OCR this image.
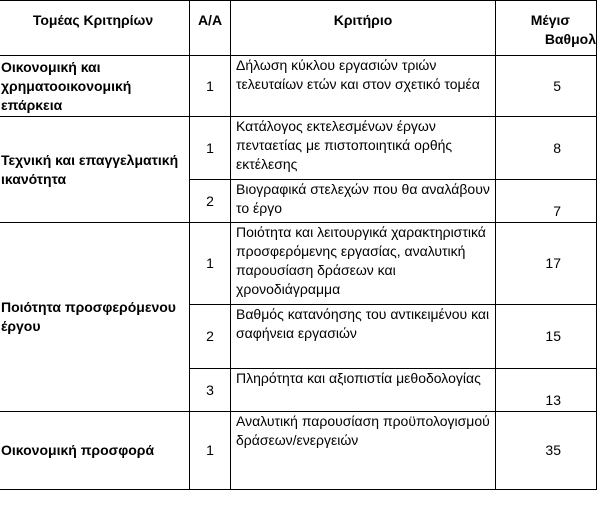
Τομέας Κριτηρίων	Α/Α	Κριτήριο	Μέγισ
Βαθμολ

Οικονομική και χρηματοοικονομική επάρκεια	1	Δήλωση κύκλου εργασιών τριών τελευταίων ετών και στον σχετικό τομέα	5
Τεχνική και επαγγελματική ικανότητα	1	Κατάλογος εκτελεσμένων έργων πενταετίας με πιστοποιητικά ορθής εκτέλεσης	8
	2	Βιογραφικά στελεχών που θα αναλάβουν το έργο	7
Ποιότητα προσφερόμενου έργου	1	Ποιότητα και λειτουργικά χαρακτηριστικά προσφερόμενης εργασίας, αναλυτική παρουσίαση δράσεων και χρονοδιάγραμμα	17
	2	Βαθμός κατανόησης του αντικειμένου και σαφήνεια εργασιών	15
	3	Πληρότητα και αξιοπιστία μεθοδολογίας	13
Οικονομική προσφορά	1	Αναλυτική παρουσίαση προϋπολογισμού δράσεων/ενεργειών	35
